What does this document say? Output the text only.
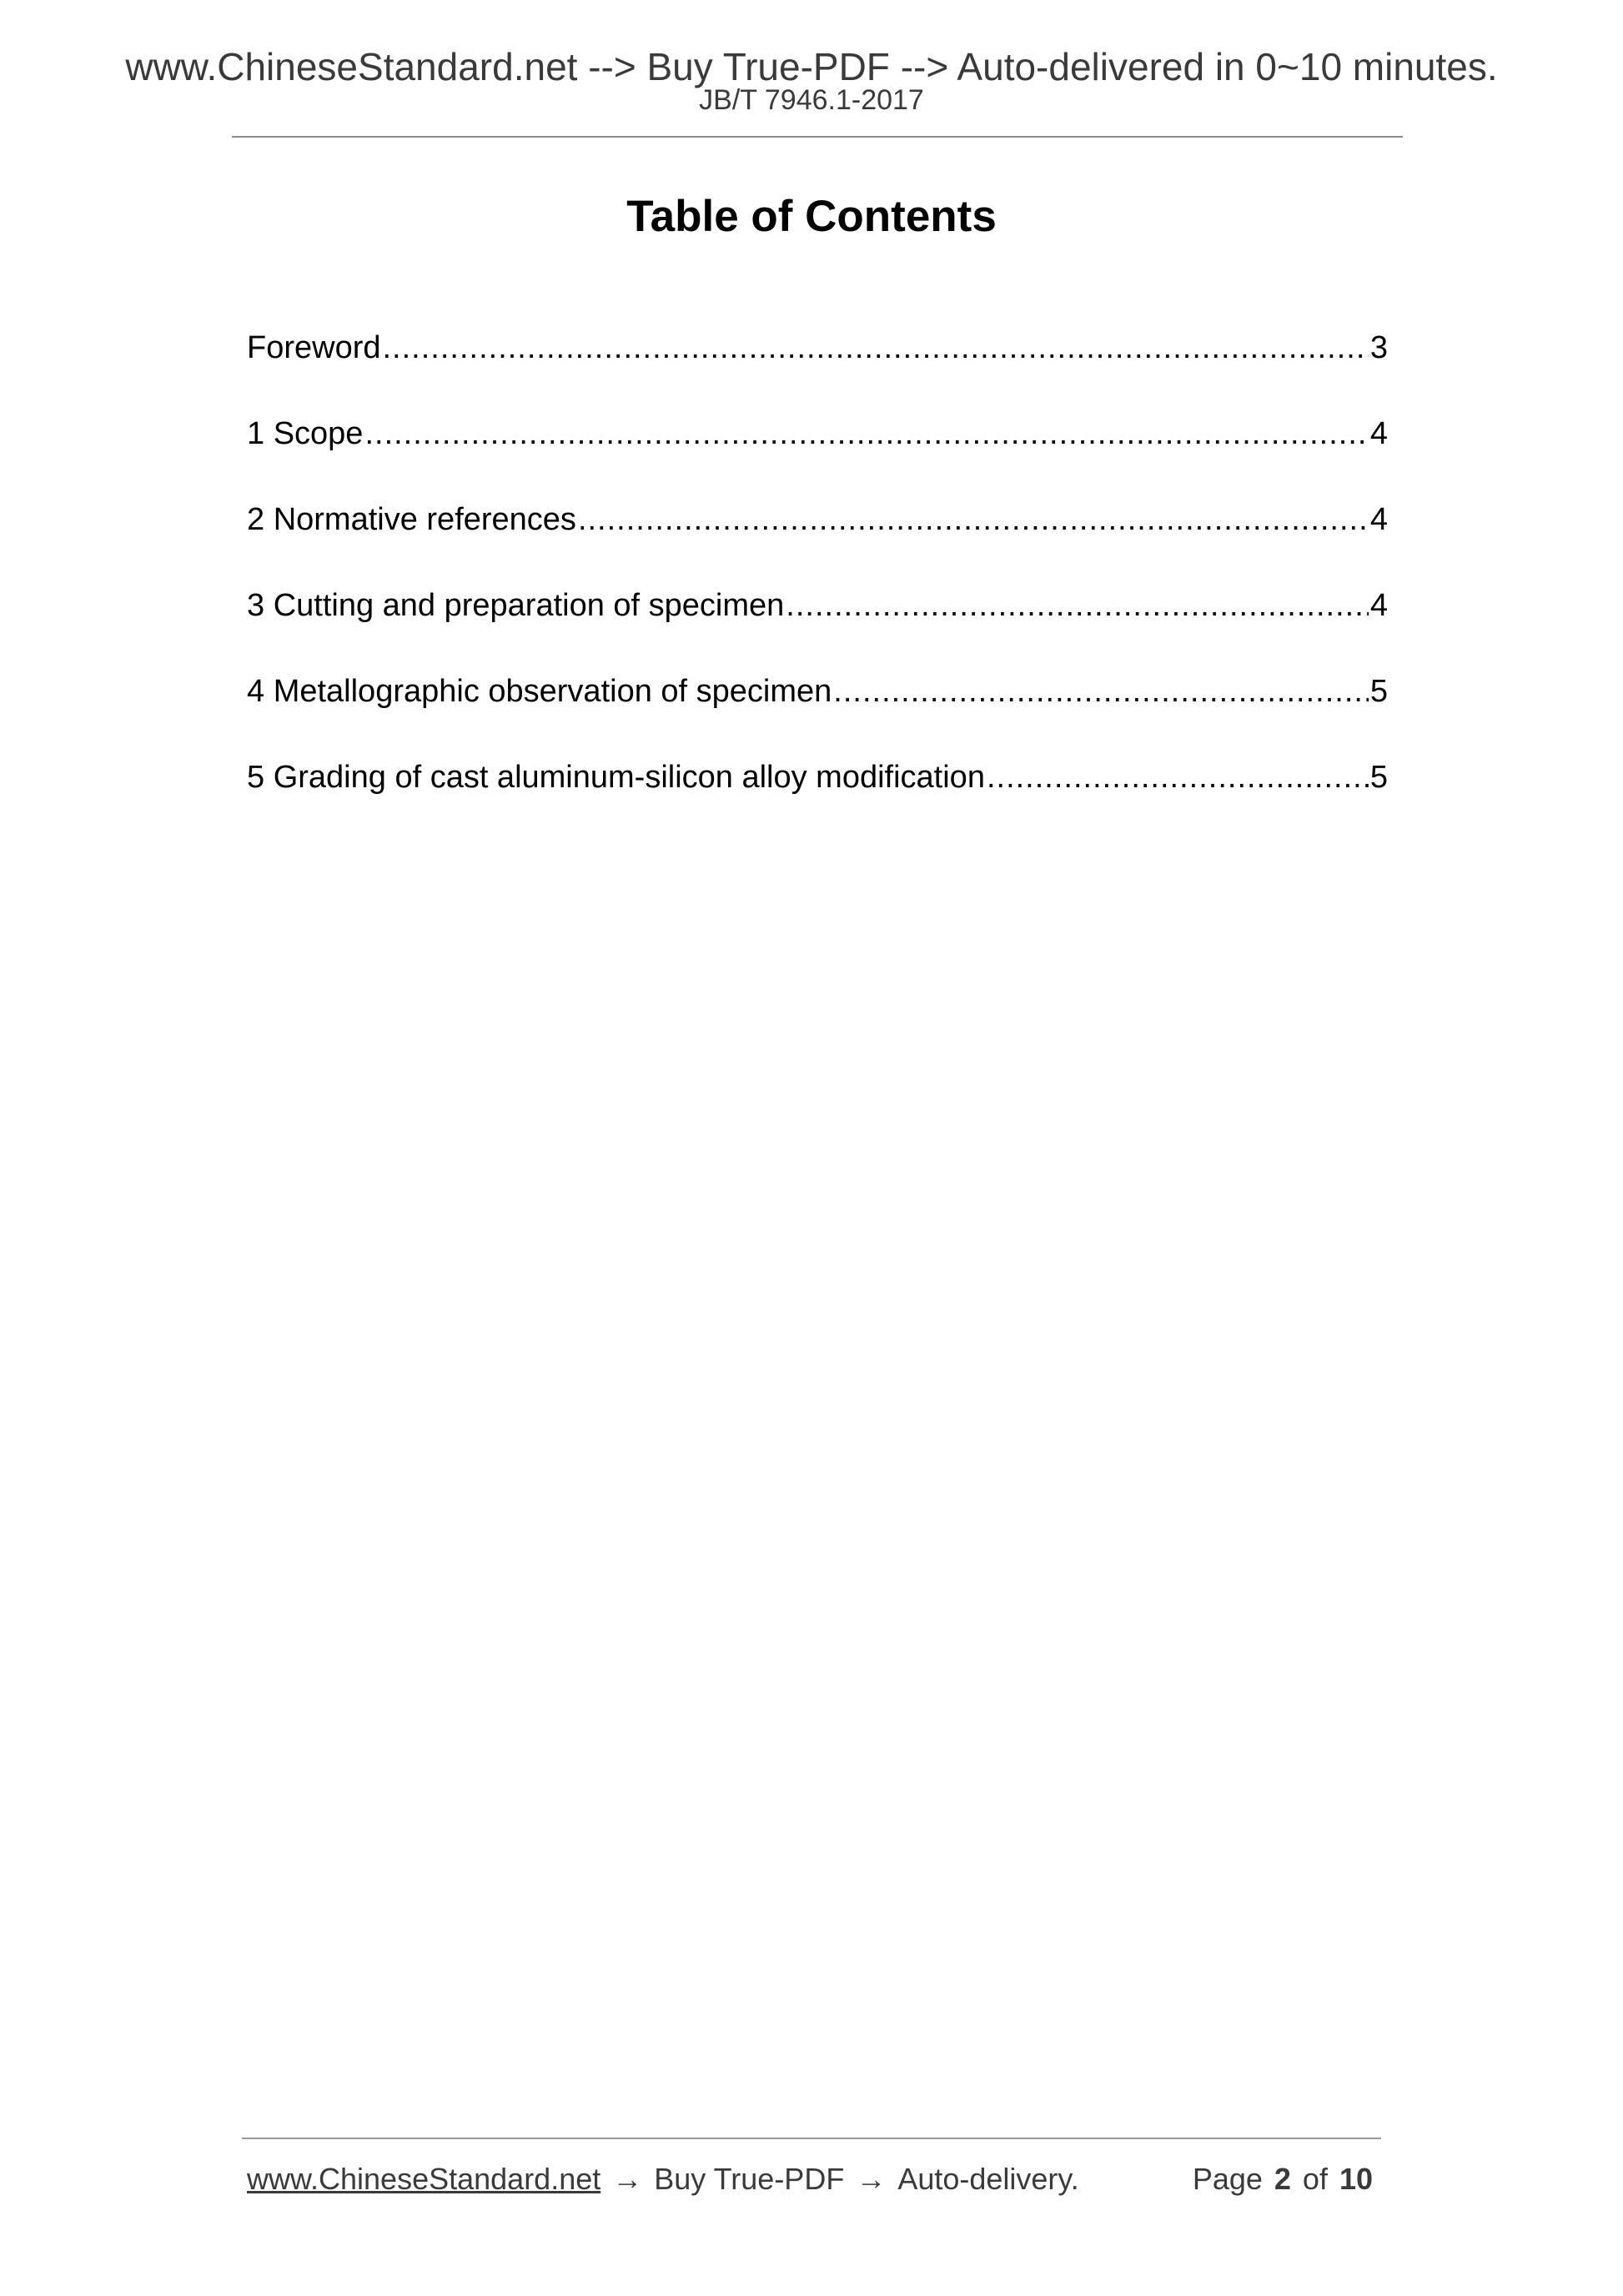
www.ChineseStandard.net --> Buy True-PDF --> Auto-delivered in 0~10 minutes.
JB/T 7946.1-2017
Table of Contents
Foreword .....	3
1 Scope .....	4
2 Normative references .....	4
3 Cutting and preparation of specimen .....	4
4 Metallographic observation of specimen .....	5
5 Grading of cast aluminum-silicon alloy modification .....	5
www.ChineseStandard.net → Buy True-PDF → Auto-delivery.	Page 2 of 10
